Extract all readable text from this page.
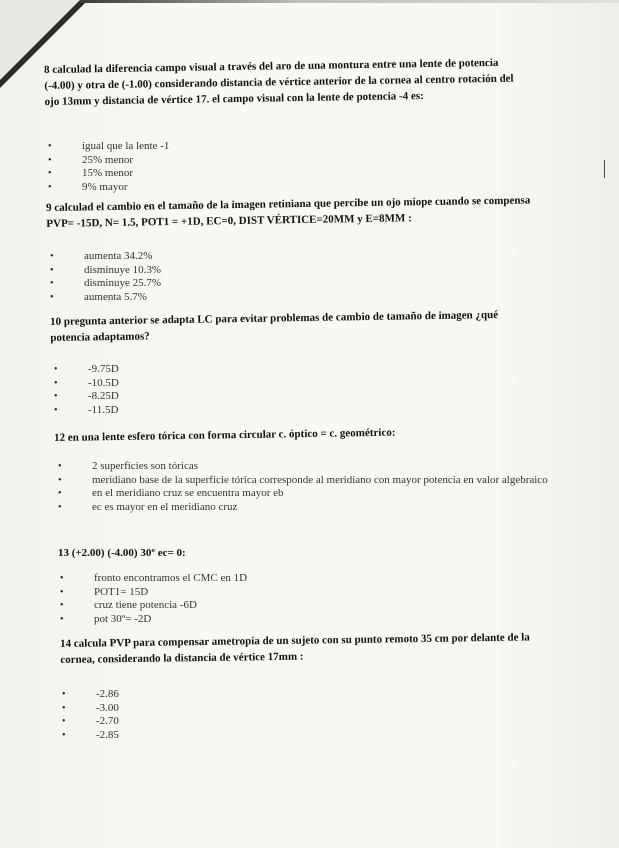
8 calculad la diferencia campo visual a través del aro de una montura entre una lente de potencia (-4.00) y otra de (-1.00) considerando distancia de vértice anterior de la cornea al centro rotación del ojo 13mm y distancia de vértice 17. el campo visual con la lente de potencia -4 es:
• igual que la lente -1
• 25% menor
• 15% menor
• 9% mayor
9 calculad el cambio en el tamaño de la imagen retiniana que percibe un ojo miope cuando se compensa PVP= -15D, N= 1.5, POT1 = +1D, EC=0, DIST VÉRTICE=20MM y E=8MM :
• aumenta 34.2%
• disminuye 10.3%
• disminuye 25.7%
• aumenta 5.7%
10 pregunta anterior se adapta LC para evitar problemas de cambio de tamaño de imagen ¿qué potencia adaptamos?
• -9.75D
• -10.5D
• -8.25D
• -11.5D
12 en una lente esfero tórica con forma circular c. óptico = c. geométrico:
• 2 superficies son tóricas
• meridiano base de la superficie tórica corresponde al meridiano con mayor potencia en valor algebraico
• en el meridiano cruz se encuentra mayor eb
• ec es mayor en el meridiano cruz
13 (+2.00) (-4.00) 30º ec= 0:
• fronto encontramos el CMC en 1D
• POT1= 15D
• cruz tiene potencia -6D
• pot 30º= -2D
14 calcula PVP para compensar ametropía de un sujeto con su punto remoto 35 cm por delante de la cornea, considerando la distancia de vértice 17mm :
• -2.86
• -3.00
• -2.70
• -2.85
